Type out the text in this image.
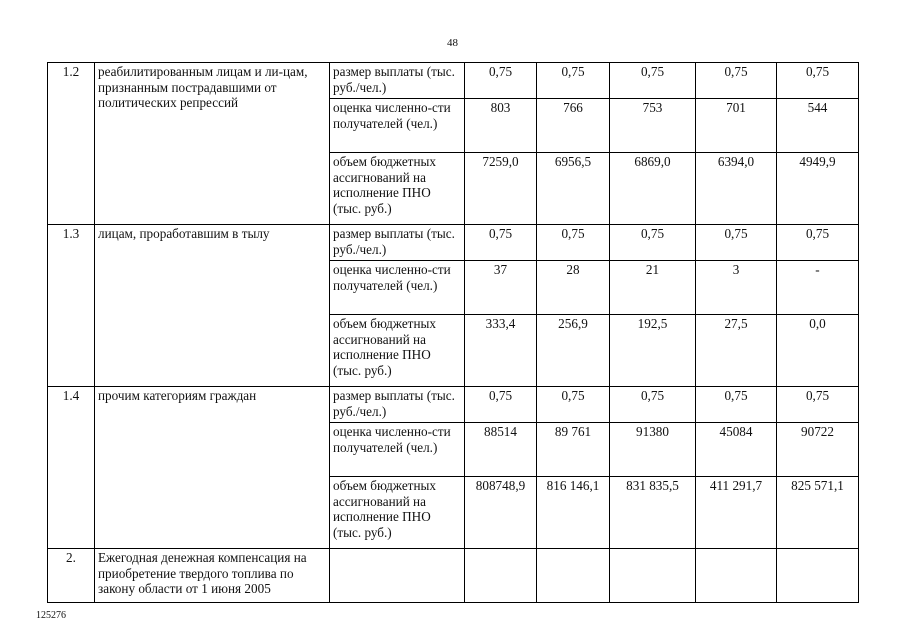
48
1.2	реабилитированным лицам и ли-цам, признанным пострадавшими от политических репрессий	размер выплаты (тыс. руб./чел.)	0,75	0,75	0,75	0,75	0,75
		оценка численно-сти получателей (чел.)	803	766	753	701	544
		объем бюджетных ассигнований на исполнение ПНО (тыс. руб.)	7259,0	6956,5	6869,0	6394,0	4949,9
1.3	лицам, проработавшим в тылу	размер выплаты (тыс. руб./чел.)	0,75	0,75	0,75	0,75	0,75
		оценка численно-сти получателей (чел.)	37	28	21	3	-
		объем бюджетных ассигнований на исполнение ПНО (тыс. руб.)	333,4	256,9	192,5	27,5	0,0
1.4	прочим категориям граждан	размер выплаты (тыс. руб./чел.)	0,75	0,75	0,75	0,75	0,75
		оценка численно-сти получателей (чел.)	88514	89 761	91380	45084	90722
		объем бюджетных ассигнований на исполнение ПНО (тыс. руб.)	808748,9	816 146,1	831 835,5	411 291,7	825 571,1
2.	Ежегодная денежная компенсация на приобретение твердого топлива по закону области от 1 июня 2005						
125276
